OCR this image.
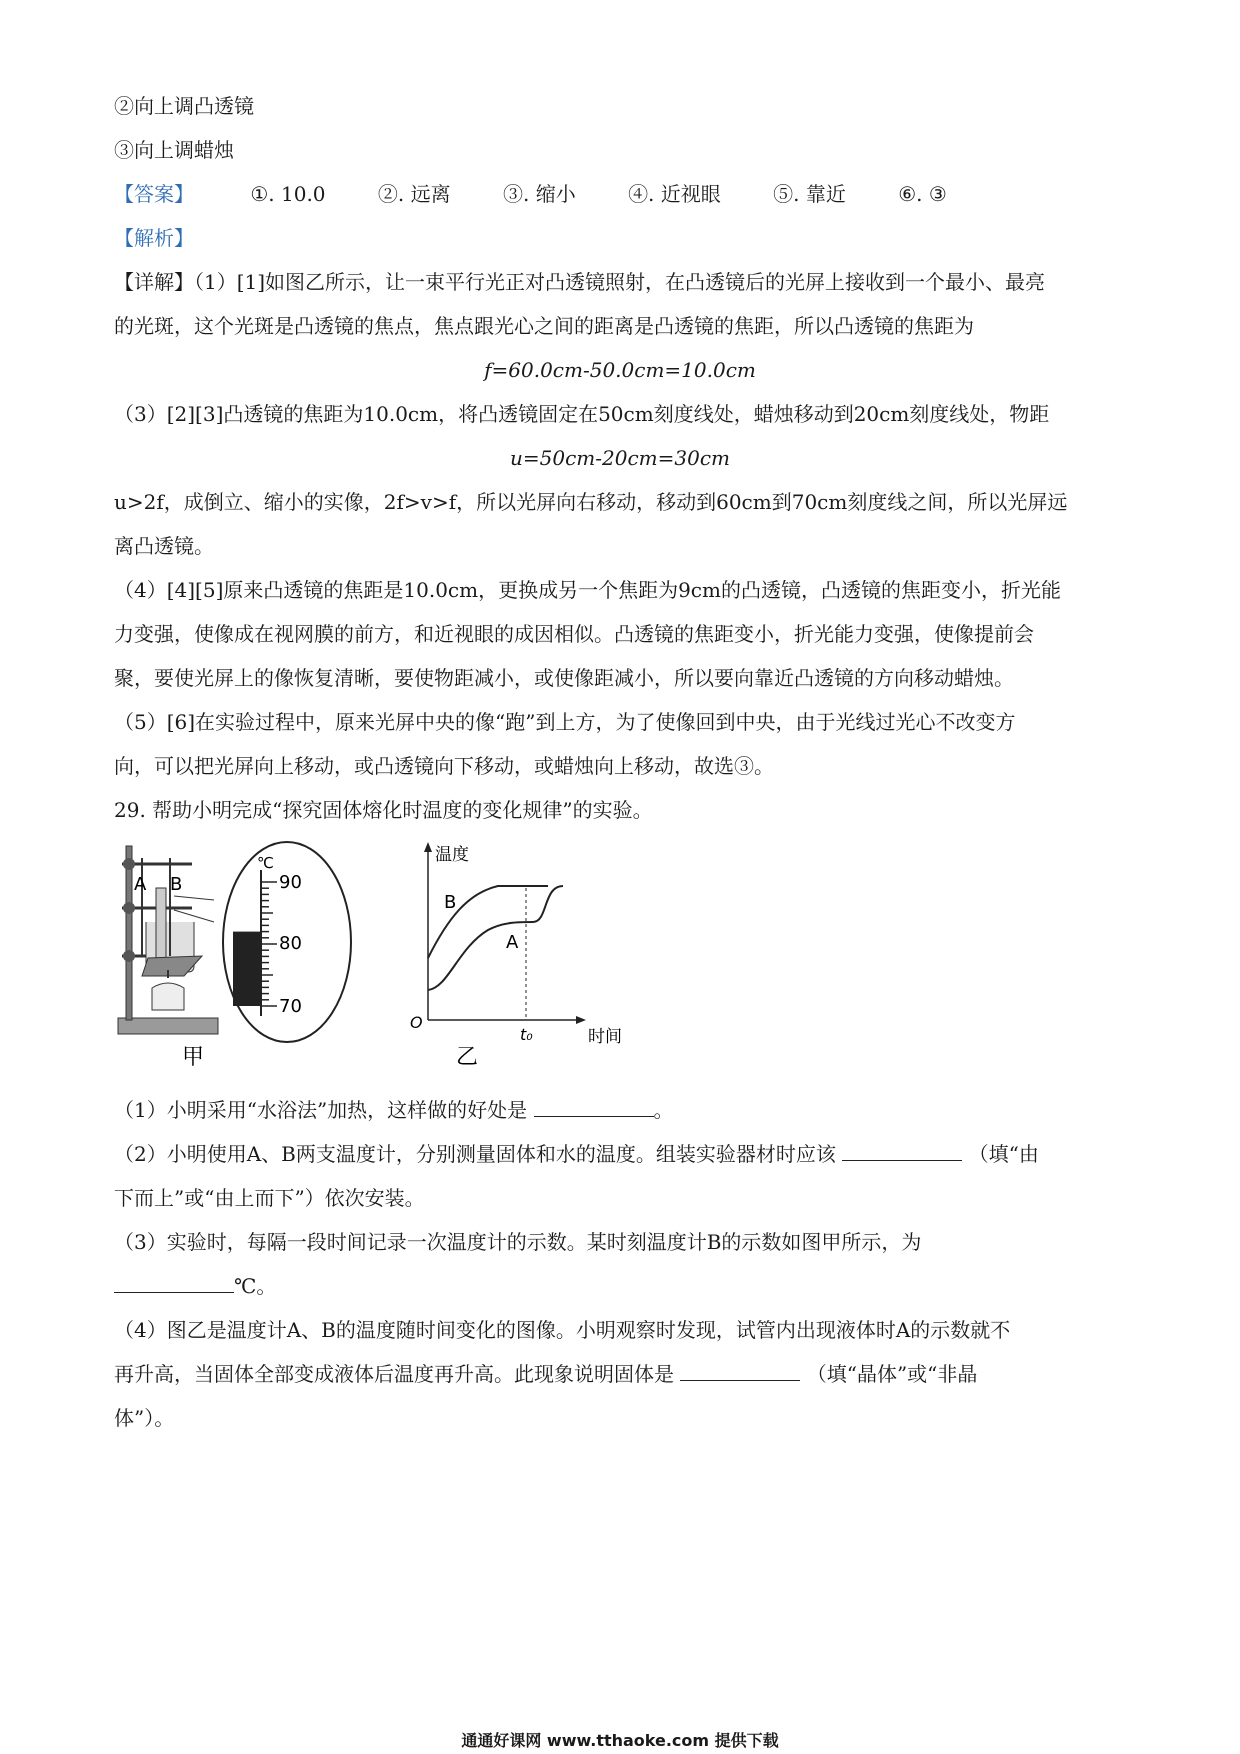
②向上调凸透镜
③向上调蜡烛
【答案】	①. 10.0	②. 远离	③. 缩小	④. 近视眼	⑤. 靠近	⑥. ③
【解析】
【详解】（1）[1]如图乙所示，让一束平行光正对凸透镜照射，在凸透镜后的光屏上接收到一个最小、最亮
的光斑，这个光斑是凸透镜的焦点，焦点跟光心之间的距离是凸透镜的焦距，所以凸透镜的焦距为
f=60.0cm-50.0cm=10.0cm
（3）[2][3]凸透镜的焦距为10.0cm，将凸透镜固定在50cm刻度线处，蜡烛移动到20cm刻度线处，物距
u=50cm-20cm=30cm
u>2f，成倒立、缩小的实像，2f>v>f，所以光屏向右移动，移动到60cm到70cm刻度线之间，所以光屏远
离凸透镜。
（4）[4][5]原来凸透镜的焦距是10.0cm，更换成另一个焦距为9cm的凸透镜，凸透镜的焦距变小，折光能
力变强，使像成在视网膜的前方，和近视眼的成因相似。凸透镜的焦距变小，折光能力变强，使像提前会
聚，要使光屏上的像恢复清晰，要使物距减小，或使像距减小，所以要向靠近凸透镜的方向移动蜡烛。
（5）[6]在实验过程中，原来光屏中央的像“跑”到上方，为了使像回到中央，由于光线过光心不改变方
向，可以把光屏向上移动，或凸透镜向下移动，或蜡烛向上移动，故选③。
29. 帮助小明完成“探究固体熔化时温度的变化规律”的实验。
A B
℃
90
80
70
甲
温度
时间
O
t₀
B
A
乙
（1）小明采用“水浴法”加热，这样做的好处是	。
（2）小明使用A、B两支温度计，分别测量固体和水的温度。组装实验器材时应该	（填“由
下而上”或“由上而下”）依次安装。
（3）实验时，每隔一段时间记录一次温度计的示数。某时刻温度计B的示数如图甲所示，为
℃。
（4）图乙是温度计A、B的温度随时间变化的图像。小明观察时发现，试管内出现液体时A的示数就不
再升高，当固体全部变成液体后温度再升高。此现象说明固体是	（填“晶体”或“非晶
体”）。
通通好课网 www.tthaoke.com 提供下载
